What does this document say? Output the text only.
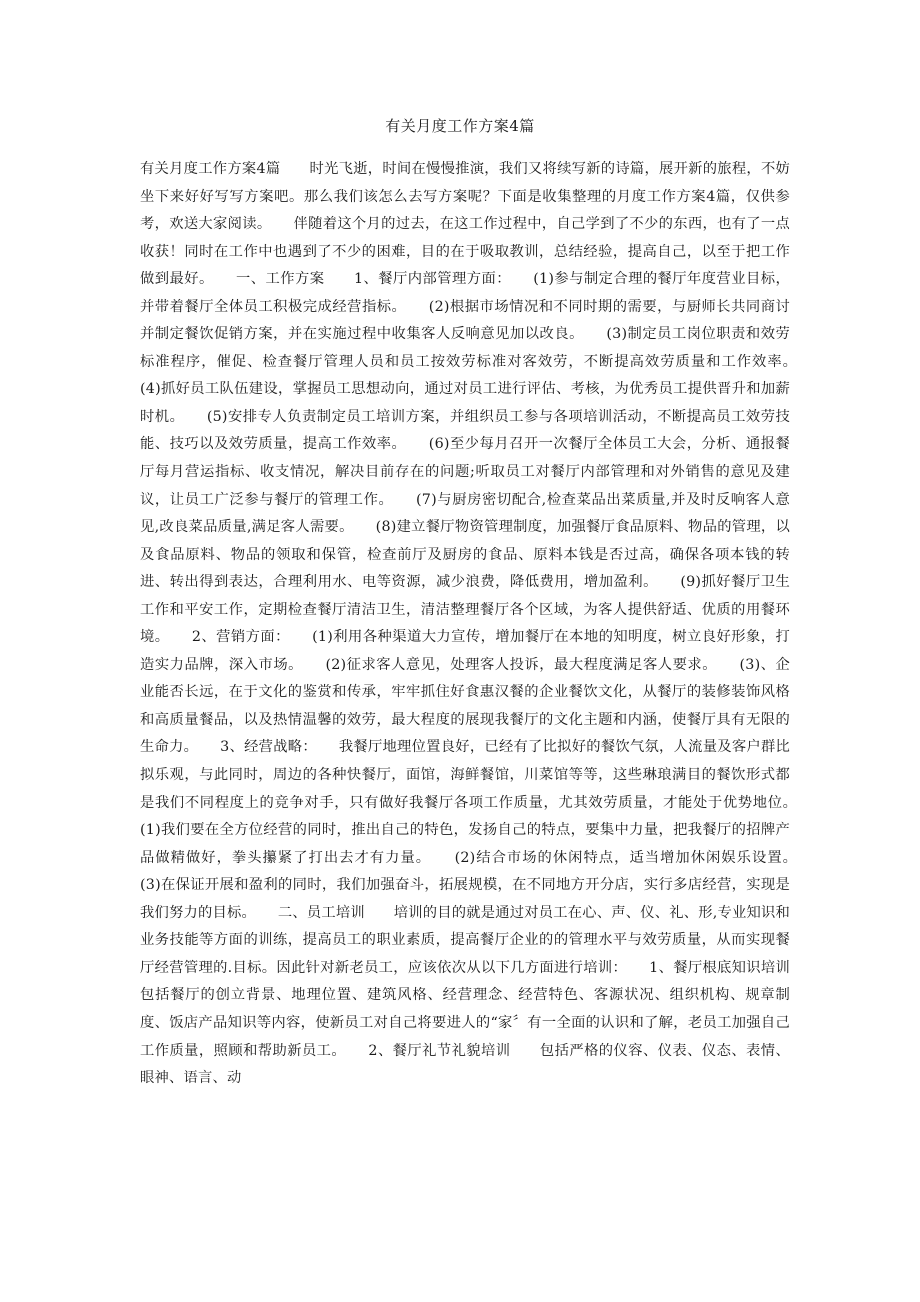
有关月度工作方案4篇
有关月度工作方案4篇　　时光飞逝，时间在慢慢推演，我们又将续写新的诗篇，展开新的旅程，不妨坐下来好好写写方案吧。那么我们该怎么去写方案呢？下面是收集整理的月度工作方案4篇，仅供参考，欢送大家阅读。　　伴随着这个月的过去，在这工作过程中，自己学到了不少的东西，也有了一点收获！同时在工作中也遇到了不少的困难，目的在于吸取教训，总结经验，提高自己，以至于把工作做到最好。　　一、工作方案　　1、餐厅内部管理方面：　　(1)参与制定合理的餐厅年度营业目标，并带着餐厅全体员工积极完成经营指标。　　(2)根据市场情况和不同时期的需要，与厨师长共同商讨并制定餐饮促销方案，并在实施过程中收集客人反响意见加以改良。　　(3)制定员工岗位职责和效劳标准程序，催促、检查餐厅管理人员和员工按效劳标准对客效劳，不断提高效劳质量和工作效率。　　(4)抓好员工队伍建设，掌握员工思想动向，通过对员工进行评估、考核，为优秀员工提供晋升和加薪时机。　　(5)安排专人负责制定员工培训方案，并组织员工参与各项培训活动，不断提高员工效劳技能、技巧以及效劳质量，提高工作效率。　　(6)至少每月召开一次餐厅全体员工大会，分析、通报餐厅每月营运指标、收支情况，解决目前存在的问题;听取员工对餐厅内部管理和对外销售的意见及建议，让员工广泛参与餐厅的管理工作。　　(7)与厨房密切配合,检查菜品出菜质量,并及时反响客人意见,改良菜品质量,满足客人需要。　　(8)建立餐厅物资管理制度，加强餐厅食品原料、物品的管理，以及食品原料、物品的领取和保管，检查前厅及厨房的食品、原料本钱是否过高，确保各项本钱的转进、转出得到表达，合理利用水、电等资源，减少浪费，降低费用，增加盈利。　　(9)抓好餐厅卫生工作和平安工作，定期检查餐厅清洁卫生，清洁整理餐厅各个区域，为客人提供舒适、优质的用餐环境。　　2、营销方面：　　(1)利用各种渠道大力宣传，增加餐厅在本地的知明度，树立良好形象，打造实力品牌，深入市场。　　(2)征求客人意见，处理客人投诉，最大程度满足客人要求。　　(3)、企业能否长远，在于文化的鉴赏和传承，牢牢抓住好食惠汉餐的企业餐饮文化，从餐厅的装修装饰风格和高质量餐品，以及热情温馨的效劳，最大程度的展现我餐厅的文化主题和内涵，使餐厅具有无限的生命力。　　3、经营战略：　　我餐厅地理位置良好，已经有了比拟好的餐饮气氛，人流量及客户群比拟乐观，与此同时，周边的各种快餐厅，面馆，海鲜餐馆，川菜馆等等，这些琳琅满目的餐饮形式都是我们不同程度上的竞争对手，只有做好我餐厅各项工作质量，尤其效劳质量，才能处于优势地位。　　(1)我们要在全方位经营的同时，推出自己的特色，发扬自己的特点，要集中力量，把我餐厅的招牌产品做精做好，拳头攥紧了打出去才有力量。　　(2)结合市场的休闲特点，适当增加休闲娱乐设置。　　(3)在保证开展和盈利的同时，我们加强奋斗，拓展规模，在不同地方开分店，实行多店经营，实现是我们努力的目标。　　二、员工培训　　培训的目的就是通过对员工在心、声、仪、礼、形,专业知识和业务技能等方面的训练，提高员工的职业素质，提高餐厅企业的的管理水平与效劳质量，从而实现餐厅经营管理的.目标。因此针对新老员工，应该依次从以下几方面进行培训：　　1、餐厅根底知识培训　　包括餐厅的创立背景、地理位置、建筑风格、经营理念、经营特色、客源状况、组织机构、规章制度、饭店产品知识等内容，使新员工对自己将要进人的“家〞有一全面的认识和了解，老员工加强自己工作质量，照顾和帮助新员工。　　2、餐厅礼节礼貌培训　　包括严格的仪容、仪表、仪态、表情、眼神、语言、动
